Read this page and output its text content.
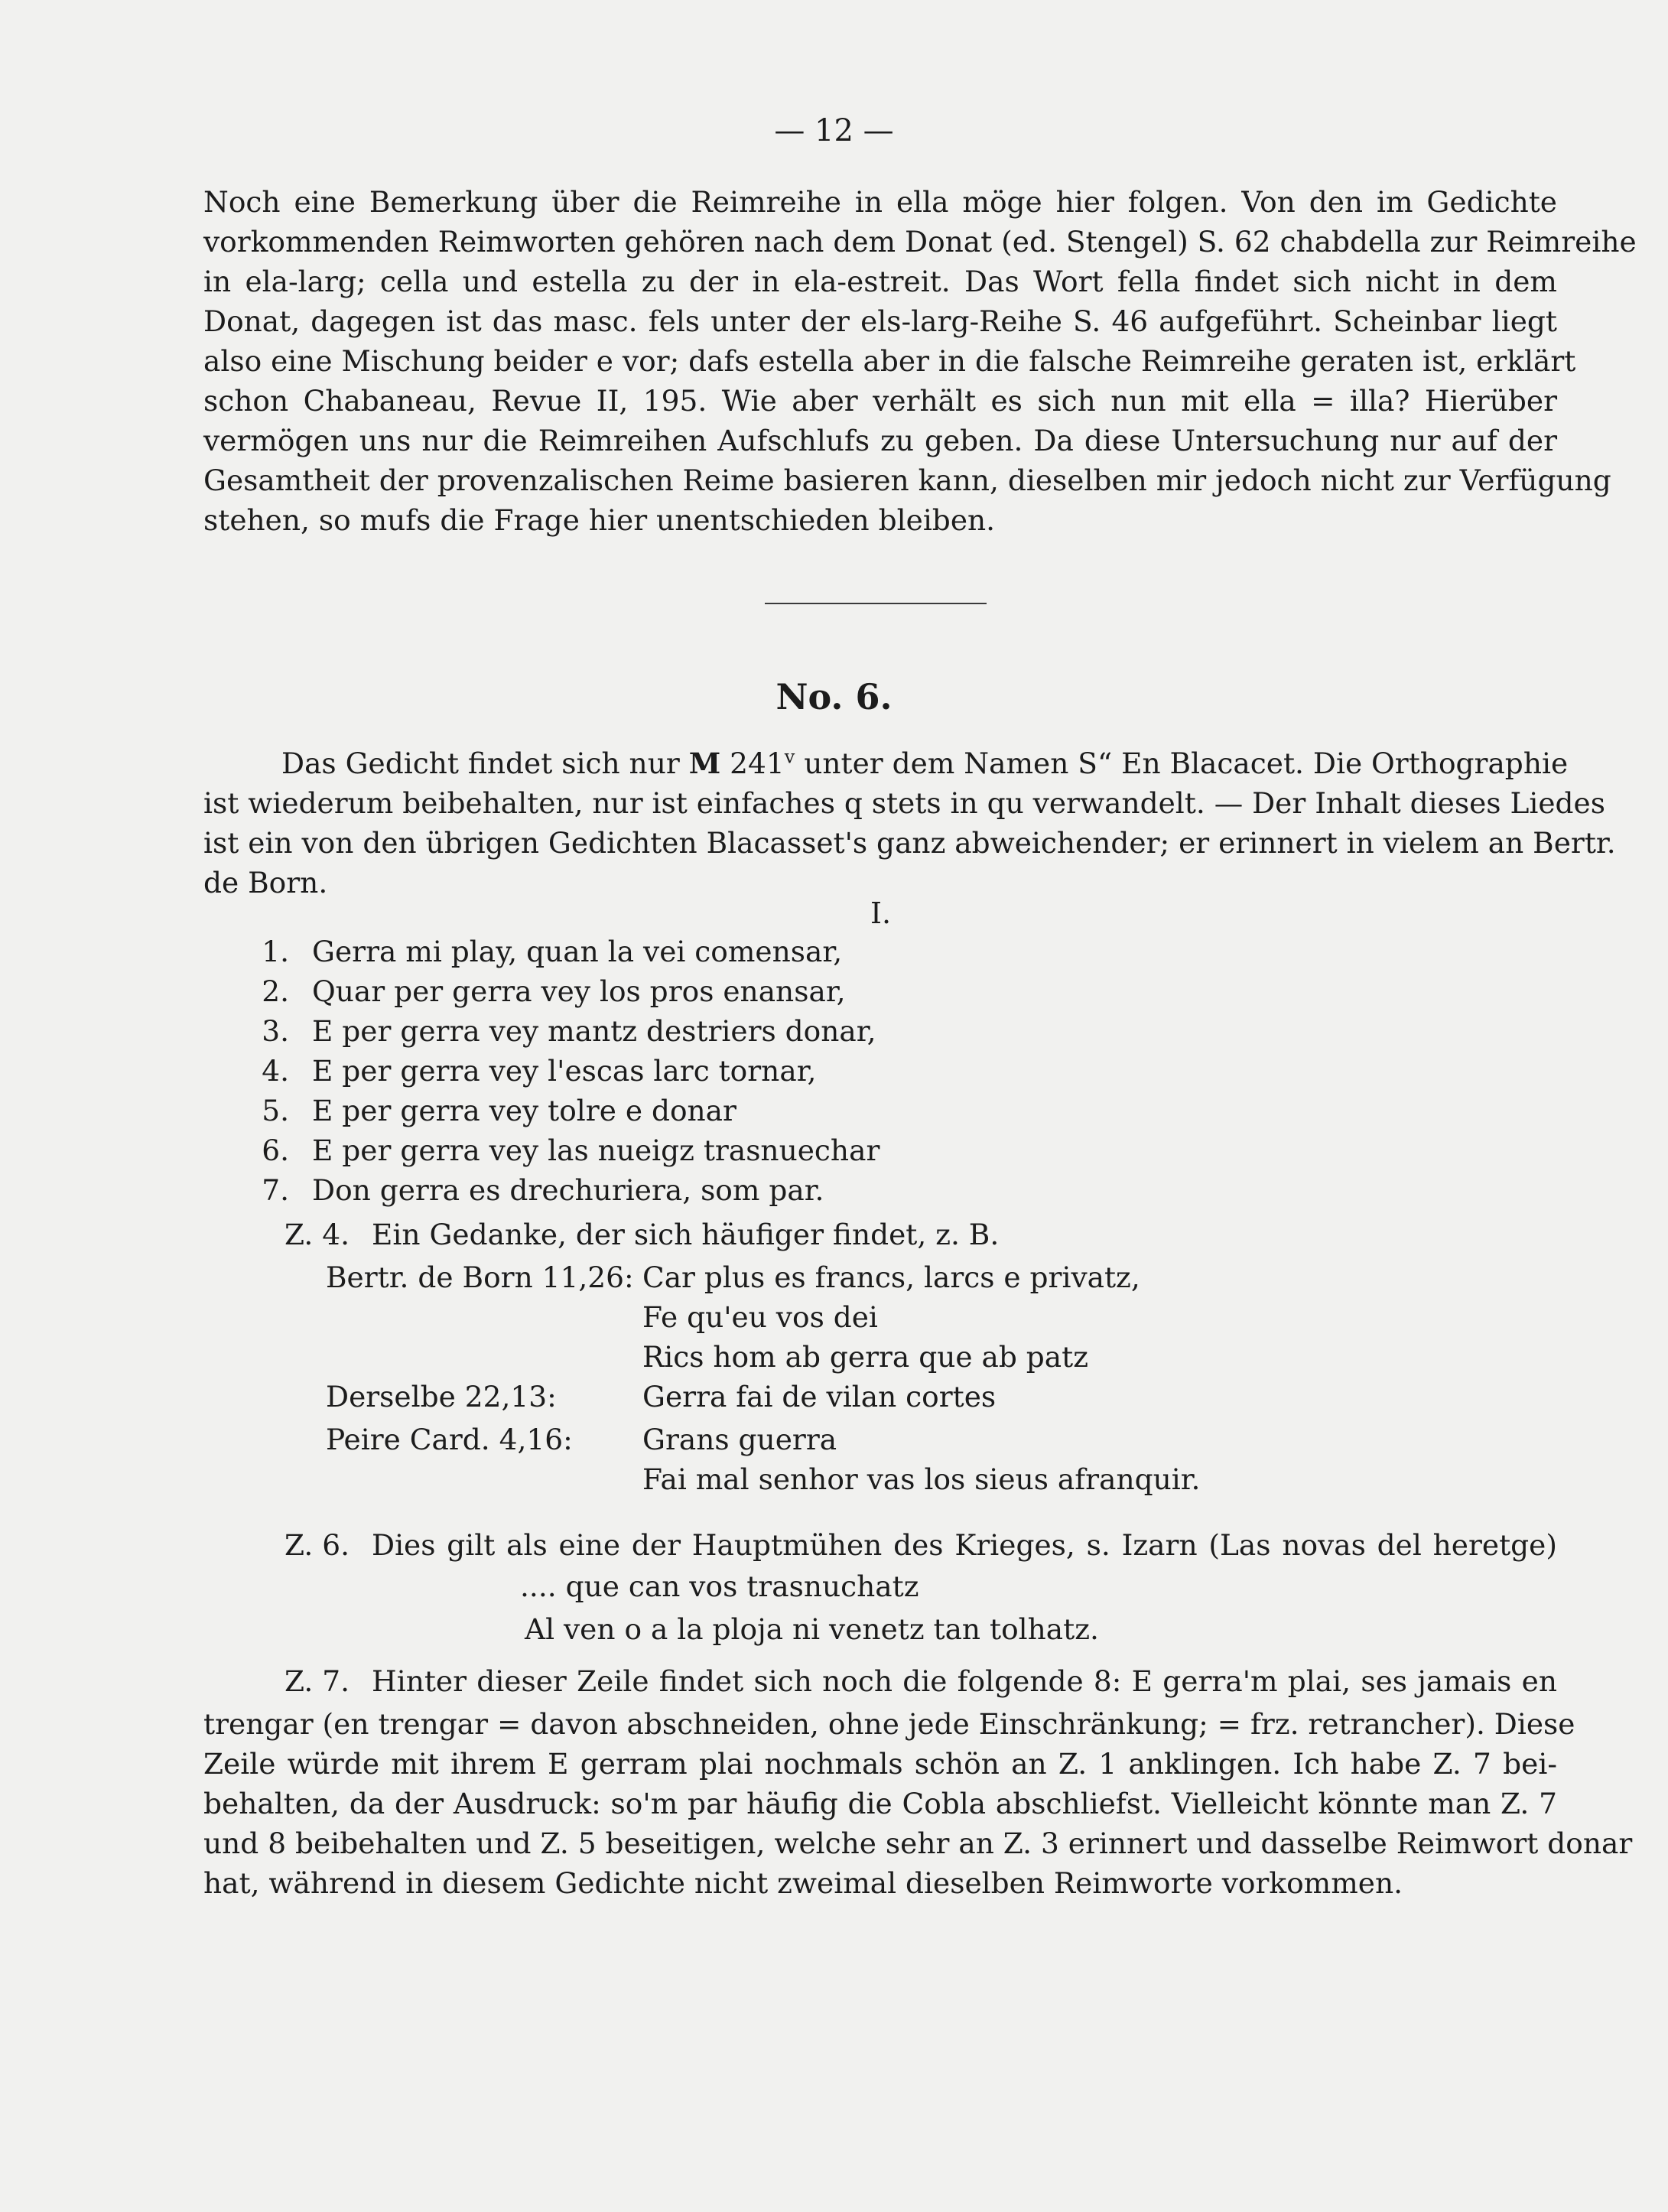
— 12 —
Noch eine Bemerkung über die Reimreihe in ella möge hier folgen. Von den im Gedichte
vorkommenden Reimworten gehören nach dem Donat (ed. Stengel) S. 62 chabdella zur Reimreihe
in ela-larg; cella und estella zu der in ela-estreit. Das Wort fella findet sich nicht in dem
Donat, dagegen ist das masc. fels unter der els-larg-Reihe S. 46 aufgeführt. Scheinbar liegt
also eine Mischung beider e vor; dafs estella aber in die falsche Reimreihe geraten ist, erklärt
schon Chabaneau, Revue II, 195. Wie aber verhält es sich nun mit ella = illa? Hierüber
vermögen uns nur die Reimreihen Aufschlufs zu geben. Da diese Untersuchung nur auf der
Gesamtheit der provenzalischen Reime basieren kann, dieselben mir jedoch nicht zur Verfügung
stehen, so mufs die Frage hier unentschieden bleiben.
No. 6.
Das Gedicht findet sich nur M 241$^v$ unter dem Namen S“ En Blacacet. Die Orthographie
ist wiederum beibehalten, nur ist einfaches q stets in qu verwandelt. — Der Inhalt dieses Liedes
ist ein von den übrigen Gedichten Blacasset's ganz abweichender; er erinnert in vielem an Bertr.
de Born.
I.
1. Gerra mi play, quan la vei comensar,
2. Quar per gerra vey los pros enansar,
3. E per gerra vey mantz destriers donar,
4. E per gerra vey l'escas larc tornar,
5. E per gerra vey tolre e donar
6. E per gerra vey las nueigz trasnuechar
7. Don gerra es drechuriera, som par.
Z. 4. Ein Gedanke, der sich häufiger findet, z. B.
Bertr. de Born 11,26: Car plus es francs, larcs e privatz,
Fe qu'eu vos dei
Rics hom ab gerra que ab patz
Derselbe 22,13:	Gerra fai de vilan cortes
Peire Card. 4,16: Grans guerra
Fai mal senhor vas los sieus afranquir.
Z. 6. Dies gilt als eine der Hauptmühen des Krieges, s. Izarn (Las novas del heretge)
.... que can vos trasnuchatz
Al ven o a la ploja ni venetz tan tolhatz.
Z. 7. Hinter dieser Zeile findet sich noch die folgende 8: E gerra'm plai, ses jamais en
trengar (en trengar = davon abschneiden, ohne jede Einschränkung; = frz. retrancher). Diese
Zeile würde mit ihrem E gerram plai nochmals schön an Z. 1 anklingen. Ich habe Z. 7 bei-
behalten, da der Ausdruck: so'm par häufig die Cobla abschliefst. Vielleicht könnte man Z. 7
und 8 beibehalten und Z. 5 beseitigen, welche sehr an Z. 3 erinnert und dasselbe Reimwort donar
hat, während in diesem Gedichte nicht zweimal dieselben Reimworte vorkommen.
